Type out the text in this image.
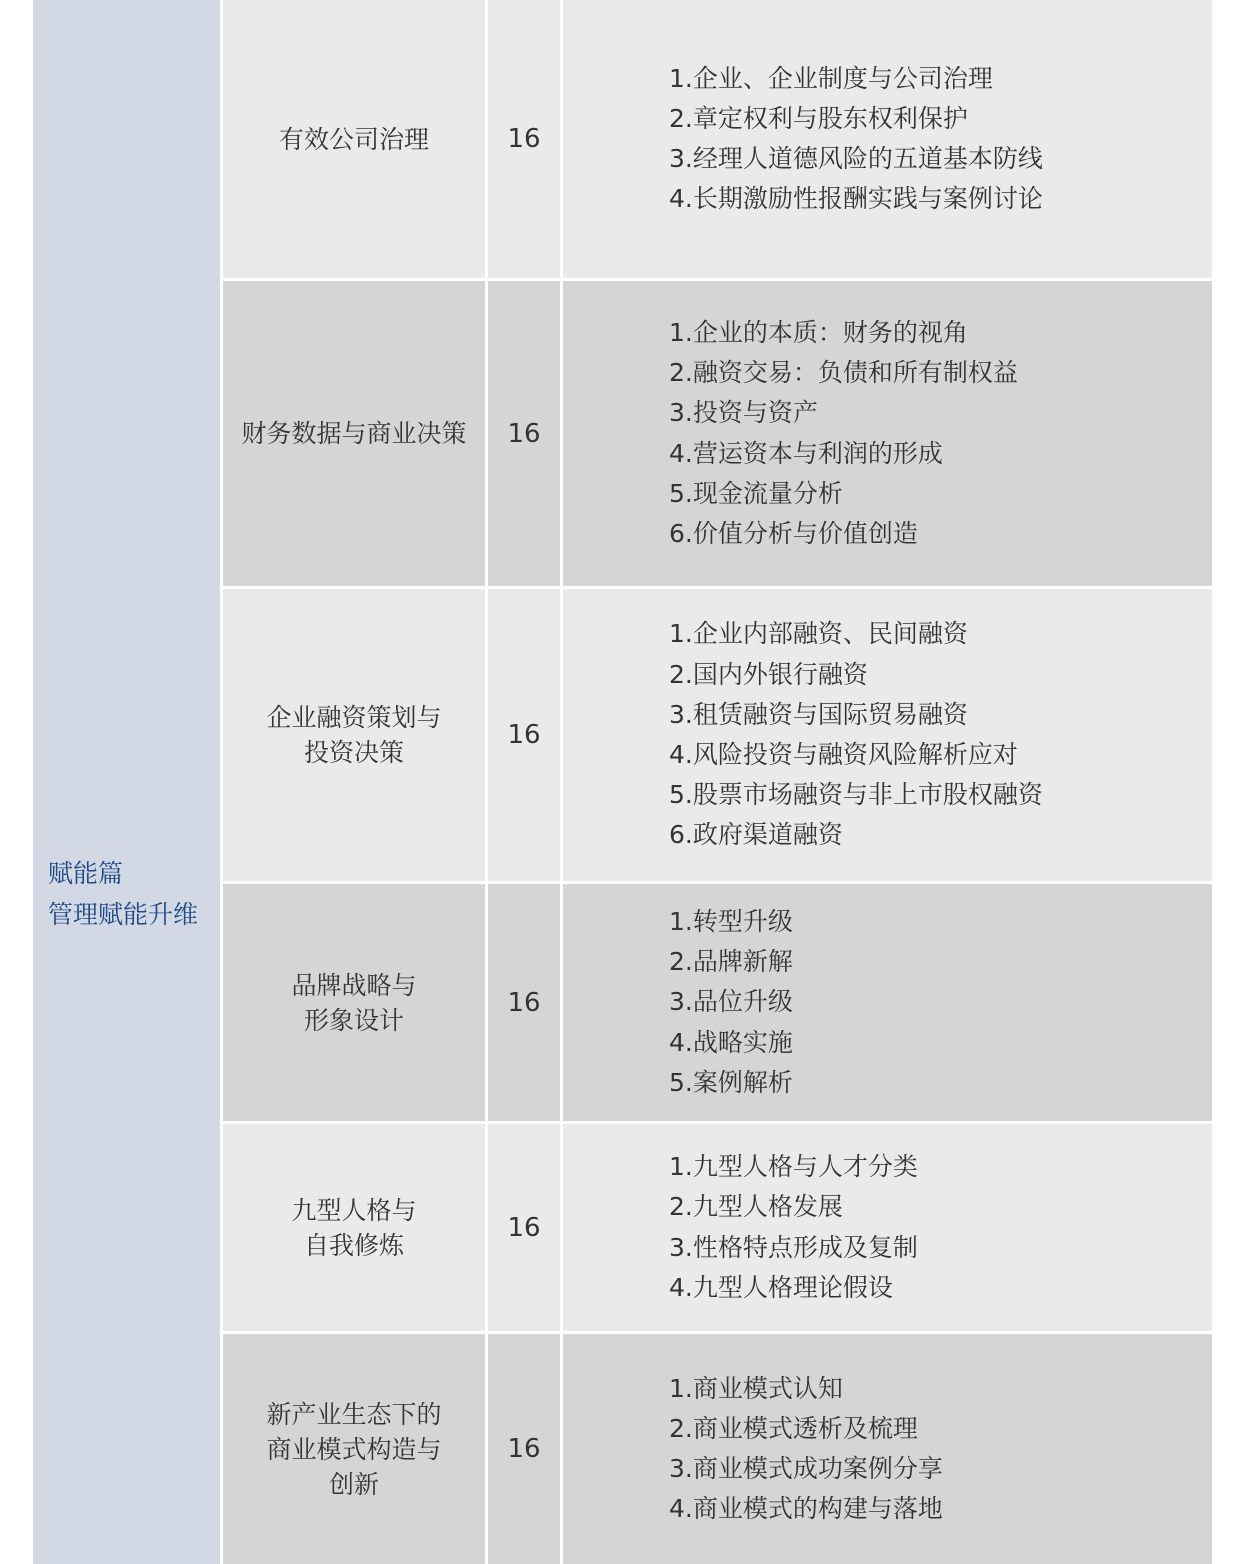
赋能篇
管理赋能升维
有效公司治理	16
1.企业、企业制度与公司治理
2.章定权利与股东权利保护
3.经理人道德风险的五道基本防线
4.长期激励性报酬实践与案例讨论
财务数据与商业决策 16
1.企业的本质：财务的视角
2.融资交易：负债和所有制权益
3.投资与资产
4.营运资本与利润的形成
5.现金流量分析
6.价值分析与价值创造
企业融资策划与
投资决策
16
1.企业内部融资、民间融资
2.国内外银行融资
3.租赁融资与国际贸易融资
4.风险投资与融资风险解析应对
5.股票市场融资与非上市股权融资
6.政府渠道融资
品牌战略与
形象设计
16
1.转型升级
2.品牌新解
3.品位升级
4.战略实施
5.案例解析
九型人格与
自我修炼
16
1.九型人格与人才分类
2.九型人格发展
3.性格特点形成及复制
4.九型人格理论假设
新产业生态下的
商业模式构造与
创新
16
1.商业模式认知
2.商业模式透析及梳理
3.商业模式成功案例分享
4.商业模式的构建与落地
